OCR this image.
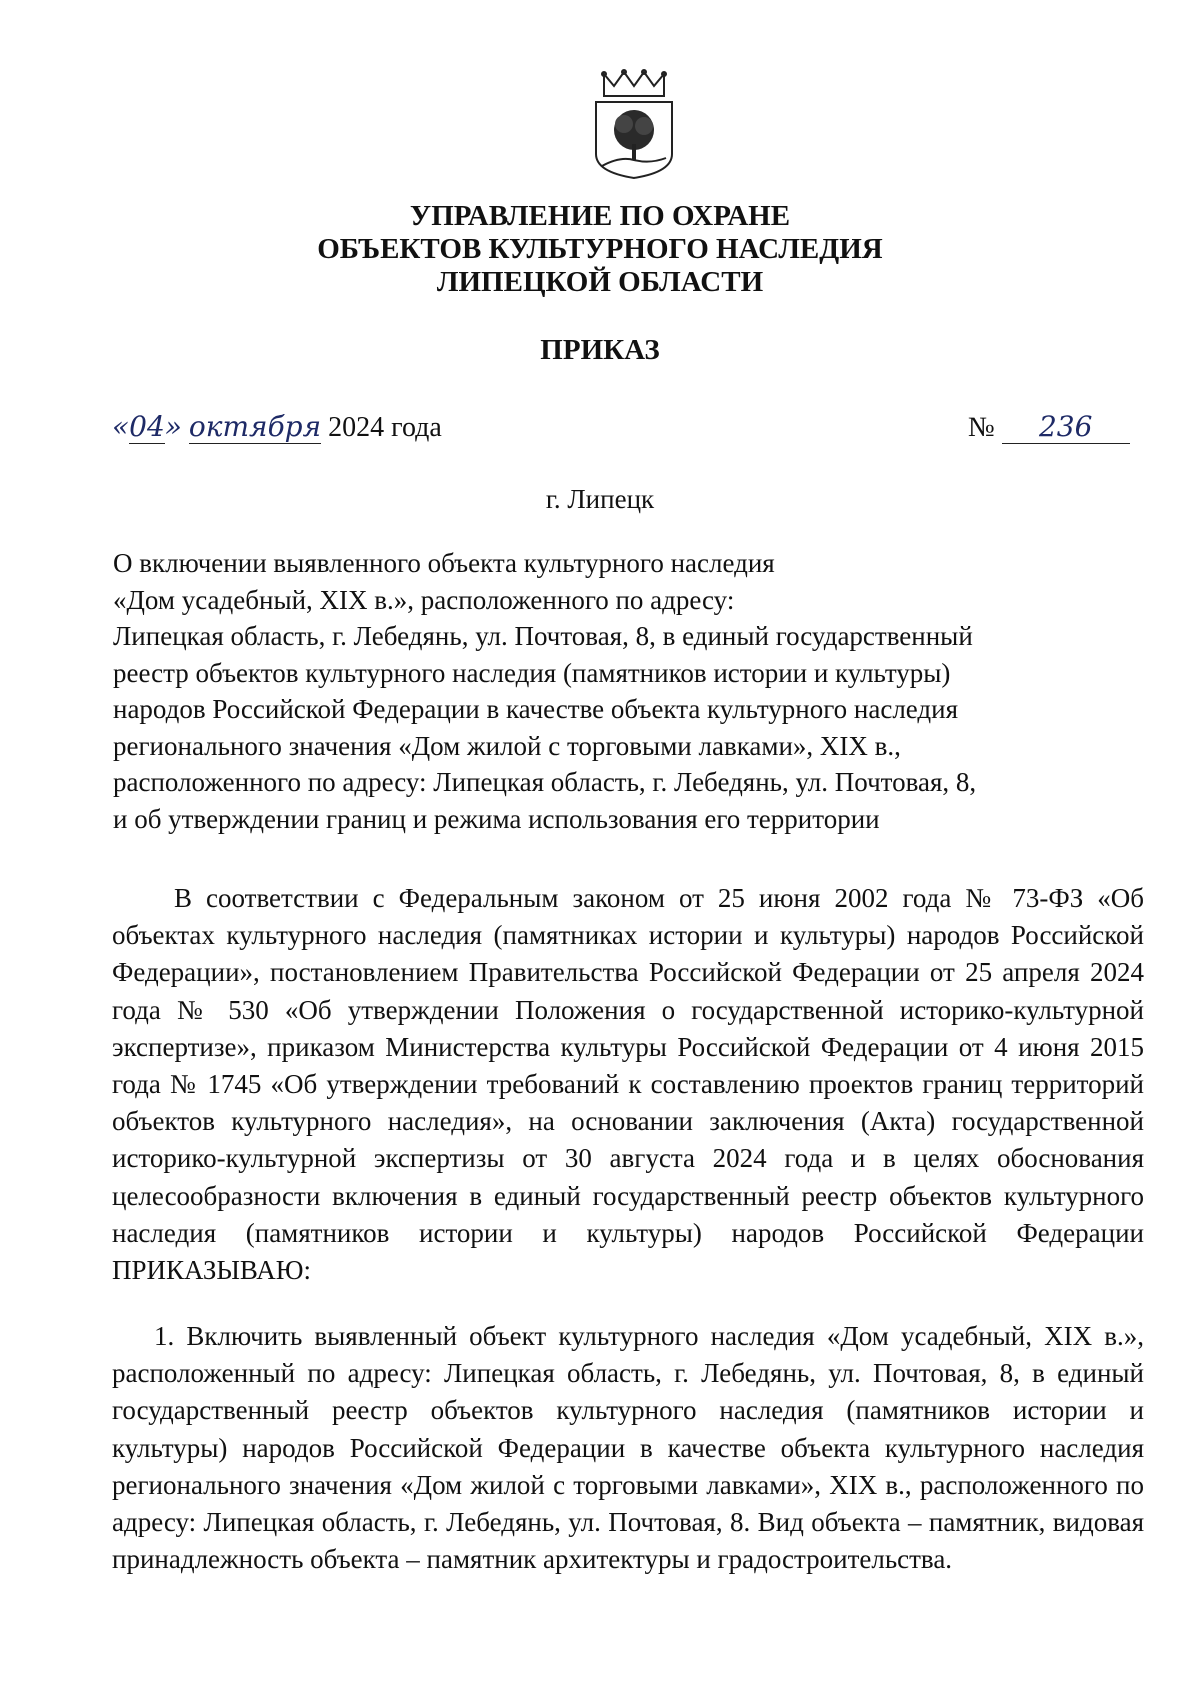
УПРАВЛЕНИЕ ПО ОХРАНЕ
ОБЪЕКТОВ КУЛЬТУРНОГО НАСЛЕДИЯ
ЛИПЕЦКОЙ ОБЛАСТИ
ПРИКАЗ
«04» октября 2024 года	№ 236
г. Липецк
О включении выявленного объекта культурного наследия
«Дом усадебный, XIX в.», расположенного по адресу:
Липецкая область, г. Лебедянь, ул. Почтовая, 8, в единый государственный
реестр объектов культурного наследия (памятников истории и культуры)
народов Российской Федерации в качестве объекта культурного наследия
регионального значения «Дом жилой с торговыми лавками», XIX в.,
расположенного по адресу: Липецкая область, г. Лебедянь, ул. Почтовая, 8,
и об утверждении границ и режима использования его территории
В соответствии с Федеральным законом от 25 июня 2002 года № 73-ФЗ «Об объектах культурного наследия (памятниках истории и культуры) народов Российской Федерации», постановлением Правительства Российской Федерации от 25 апреля 2024 года № 530 «Об утверждении Положения о государственной историко-культурной экспертизе», приказом Министерства культуры Российской Федерации от 4 июня 2015 года № 1745 «Об утверждении требований к составлению проектов границ территорий объектов культурного наследия», на основании заключения (Акта) государственной историко-культурной экспертизы от 30 августа 2024 года и в целях обоснования целесообразности включения в единый государственный реестр объектов культурного наследия (памятников истории и культуры) народов Российской Федерации ПРИКАЗЫВАЮ:
1. Включить выявленный объект культурного наследия «Дом усадебный, XIX в.», расположенный по адресу: Липецкая область, г. Лебедянь, ул. Почтовая, 8, в единый государственный реестр объектов культурного наследия (памятников истории и культуры) народов Российской Федерации в качестве объекта культурного наследия регионального значения «Дом жилой с торговыми лавками», XIX в., расположенного по адресу: Липецкая область, г. Лебедянь, ул. Почтовая, 8. Вид объекта – памятник, видовая принадлежность объекта – памятник архитектуры и градостроительства.
